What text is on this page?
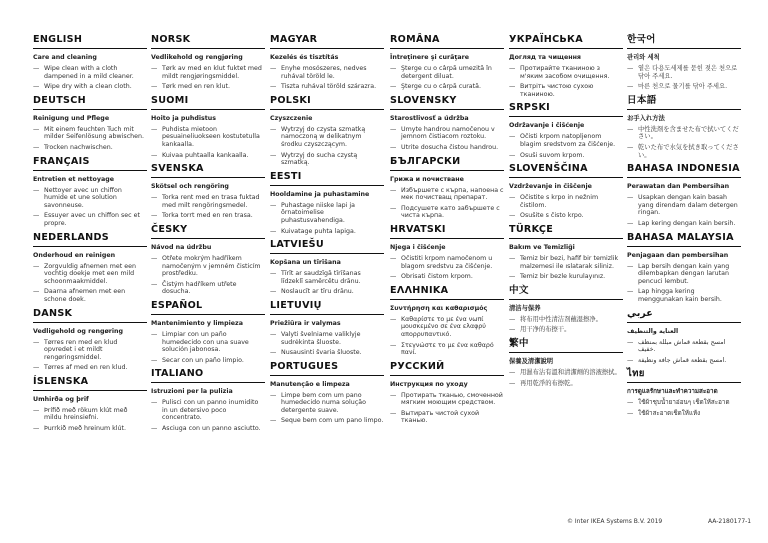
ENGLISH
Care and cleaning
— Wipe clean with a cloth dampened in a mild cleaner.
— Wipe dry with a clean cloth.
DEUTSCH
Reinigung und Pflege
— Mit einem feuchten Tuch mit milder Seifenlösung abwischen.
— Trocken nachwischen.
FRANÇAIS
Entretien et nettoyage
— Nettoyer avec un chiffon humide et une solution savonneuse.
— Essuyer avec un chiffon sec et propre.
NEDERLANDS
Onderhoud en reinigen
— Zorgvuldig afnemen met een vochtig doekje met een mild schoonmaakmiddel.
— Daarna afnemen met een schone doek.
DANSK
Vedligehold og rengøring
— Tørres ren med en klud opvredet i et mildt rengøringsmiddel.
— Tørres af med en ren klud.
ÍSLENSKA
Umhirða og þrif
— Þrífið með rökum klút með mildu hreinsiefni.
— Þurrkið með hreinum klút.
NORSK
Vedlikehold og rengjøring
— Tørk av med en klut fuktet med mildt rengjøringsmiddel.
— Tørk med en ren klut.
SUOMI
Hoito ja puhdistus
— Puhdista mietoon pesuaineliuokseen kostutetulla kankaalla.
— Kuivaa puhtaalla kankaalla.
SVENSKA
Skötsel och rengöring
— Torka rent med en trasa fuktad med milt rengöringsmedel.
— Torka torrt med en ren trasa.
ČESKY
Návod na údržbu
— Otřete mokrým hadříkem namočeným v jemném čisticím prostředku.
— Čistým hadříkem utřete dosucha.
ESPAÑOL
Mantenimiento y limpieza
— Limpiar con un paño humedecido con una suave solución jabonosa.
— Secar con un paño limpio.
ITALIANO
Istruzioni per la pulizia
— Pulisci con un panno inumidito in un detersivo poco concentrato.
— Asciuga con un panno asciutto.
MAGYAR
Kezelés és tisztítás
— Enyhe mosószeres, nedves ruhával töröld le.
— Tiszta ruhával töröld szárazra.
POLSKI
Czyszczenie
— Wytrzyj do czysta szmatką namoczoną w delikatnym środku czyszczącym.
— Wytrzyj do sucha czystą szmatką.
EESTI
Hooldamine ja puhastamine
— Puhastage niiske lapi ja õrnatoimelise puhastusvahendiga.
— Kuivatage puhta lapiga.
LATVIEŠU
Kopšana un tīrīšana
— Tīrīt ar saudzīgā tīrīšanas līdzeklī samērcētu drānu.
— Noslaucīt ar tīru drānu.
LIETUVIŲ
Priežiūra ir valymas
— Valyti švelniame valiklyje sudrėkinta šluoste.
— Nusausinti švaria šluoste.
PORTUGUES
Manutenção e limpeza
— Limpe bem com um pano humedecido numa solução detergente suave.
— Seque bem com um pano limpo.
ROMÂNA
Întreţinere şi curăţare
— Şterge cu o cârpă umezită în detergent diluat.
— Şterge cu o cârpă curată.
SLOVENSKY
Starostlivosť a údržba
— Umyte handrou namočenou v jemnom čistiacom roztoku.
— Utrite dosucha čistou handrou.
БЪЛГАРСКИ
Грижа и почистване
— Избършете с кърпа, напоена с мек почистващ препарат.
— Подсушете като забършете с чиста кърпа.
HRVATSKI
Njega i čišćenje
— Očistiti krpom namočenom u blagom sredstvu za čišćenje.
— Obrisati čistom krpom.
ΕΛΛΗΝΙΚΑ
Συντήρηση και καθαρισμός
— Καθαρίστε το με ένα νωπί μουσκεμένο σε ένα ελαφρύ απορρυπαντικό.
— Στεγνώστε το με ένα καθαρό πανί.
РУССКИЙ
Инструкция по уходу
— Протирать тканью, смоченной мягким моющим средством.
— Вытирать чистой сухой тканью.
УКРАЇНСЬКА
Догляд та чищення
— Протирайте тканиною з м'яким засобом очищення.
— Витріть чистою сухою тканиною.
SRPSKI
Održavanje i čišćenje
— Očisti krpom natopljenom blagim sredstvom za čišćenje.
— Osuši suvom krpom.
SLOVENŠČINA
Vzdrževanje in čiščenje
— Očistite s krpo in nežnim čistilom.
— Osušite s čisto krpo.
TÜRKÇE
Bakım ve Temizliği
— Temiz bir bezi, hafif bir temizlik malzemesi ile ıslatarak siliniz.
— Temiz bir bezle kurulayınız.
中文
清洁与保养
— 将布用中性清洁剂蘸湿擦净。
— 用干净的布擦干。
繁中
保養及清潔說明
— 用濕布沾有溫和清潔劑的溶液擦拭。
— 再用乾淨的布擦乾。
한국어
관리와 세척
— 옅은 다용도세제를 묻힌 젖은 천으로 닦아 주세요.
— 마른 천으로 물기를 닦아 주세요.
日本語
お手入れ方法
— 中性洗剤を含ませた布で拭いてください。
— 乾いた布で水気を拭き取ってください。
BAHASA INDONESIA
Perawatan dan Pembersihan
— Usapkan dengan kain basah yang direndam dalam detergen ringan.
— Lap kering dengan kain bersih.
BAHASA MALAYSIA
Penjagaan dan pembersihan
— Lap bersih dengan kain yang dilembapkan dengan larutan pencuci lembut.
— Lap hingga kering menggunakan kain bersih.
عربي
العناية والتنظيف
— امسح بقطعة قماش مبللة بمنظف خفيف.
— امسح بقطعة قماش جافة ونظيفة.
ไทย
การดูแลรักษาและทำความสะอาด
— ใช้ผ้าชุบน้ำยาอ่อนๆ เช็ดให้สะอาด
— ใช้ผ้าสะอาดเช็ดให้แห้ง
© Inter IKEA Systems B.V. 2019	AA-2180177-1
